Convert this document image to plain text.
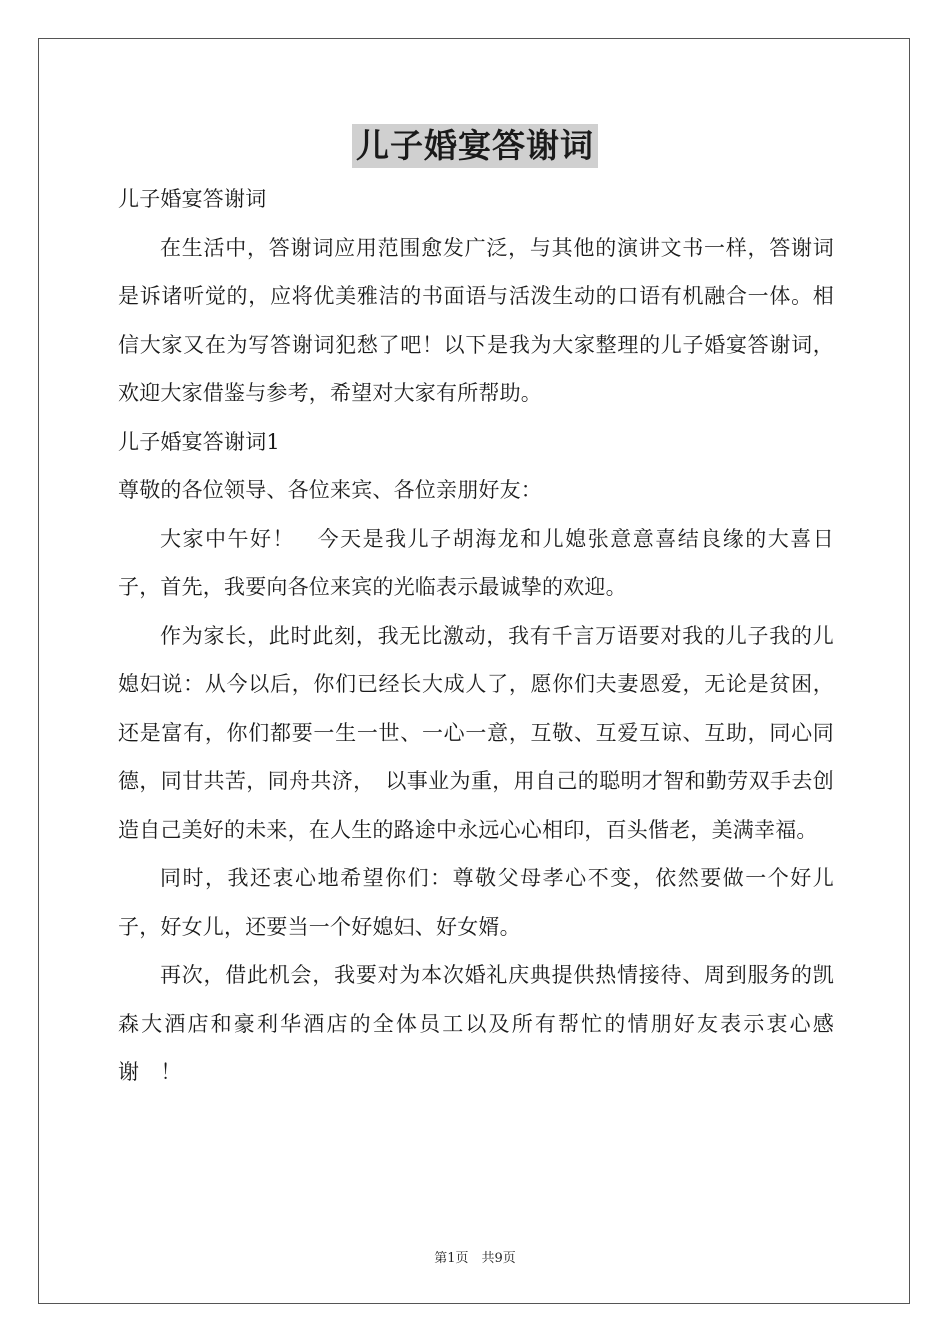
儿子婚宴答谢词

儿子婚宴答谢词

在生活中，答谢词应用范围愈发广泛，与其他的演讲文书一样，答谢词是诉诸听觉的，应将优美雅洁的书面语与活泼生动的口语有机融合一体。相信大家又在为写答谢词犯愁了吧！以下是我为大家整理的儿子婚宴答谢词，欢迎大家借鉴与参考，希望对大家有所帮助。

儿子婚宴答谢词1

尊敬的各位领导、各位来宾、各位亲朋好友：

大家中午好！　今天是我儿子胡海龙和儿媳张意意喜结良缘的大喜日子，首先，我要向各位来宾的光临表示最诚挚的欢迎。

作为家长，此时此刻，我无比激动，我有千言万语要对我的儿子我的儿媳妇说：从今以后，你们已经长大成人了，愿你们夫妻恩爱，无论是贫困，还是富有，你们都要一生一世、一心一意，互敬、互爱互谅、互助，同心同德，同甘共苦，同舟共济，　以事业为重，用自己的聪明才智和勤劳双手去创造自己美好的未来，在人生的路途中永远心心相印，百头偕老，美满幸福。

同时，我还衷心地希望你们：尊敬父母孝心不变，依然要做一个好儿子，好女儿，还要当一个好媳妇、好女婿。

再次，借此机会，我要对为本次婚礼庆典提供热情接待、周到服务的凯森大酒店和豪利华酒店的全体员工以及所有帮忙的情朋好友表示衷心感谢　！

第1页　共9页
